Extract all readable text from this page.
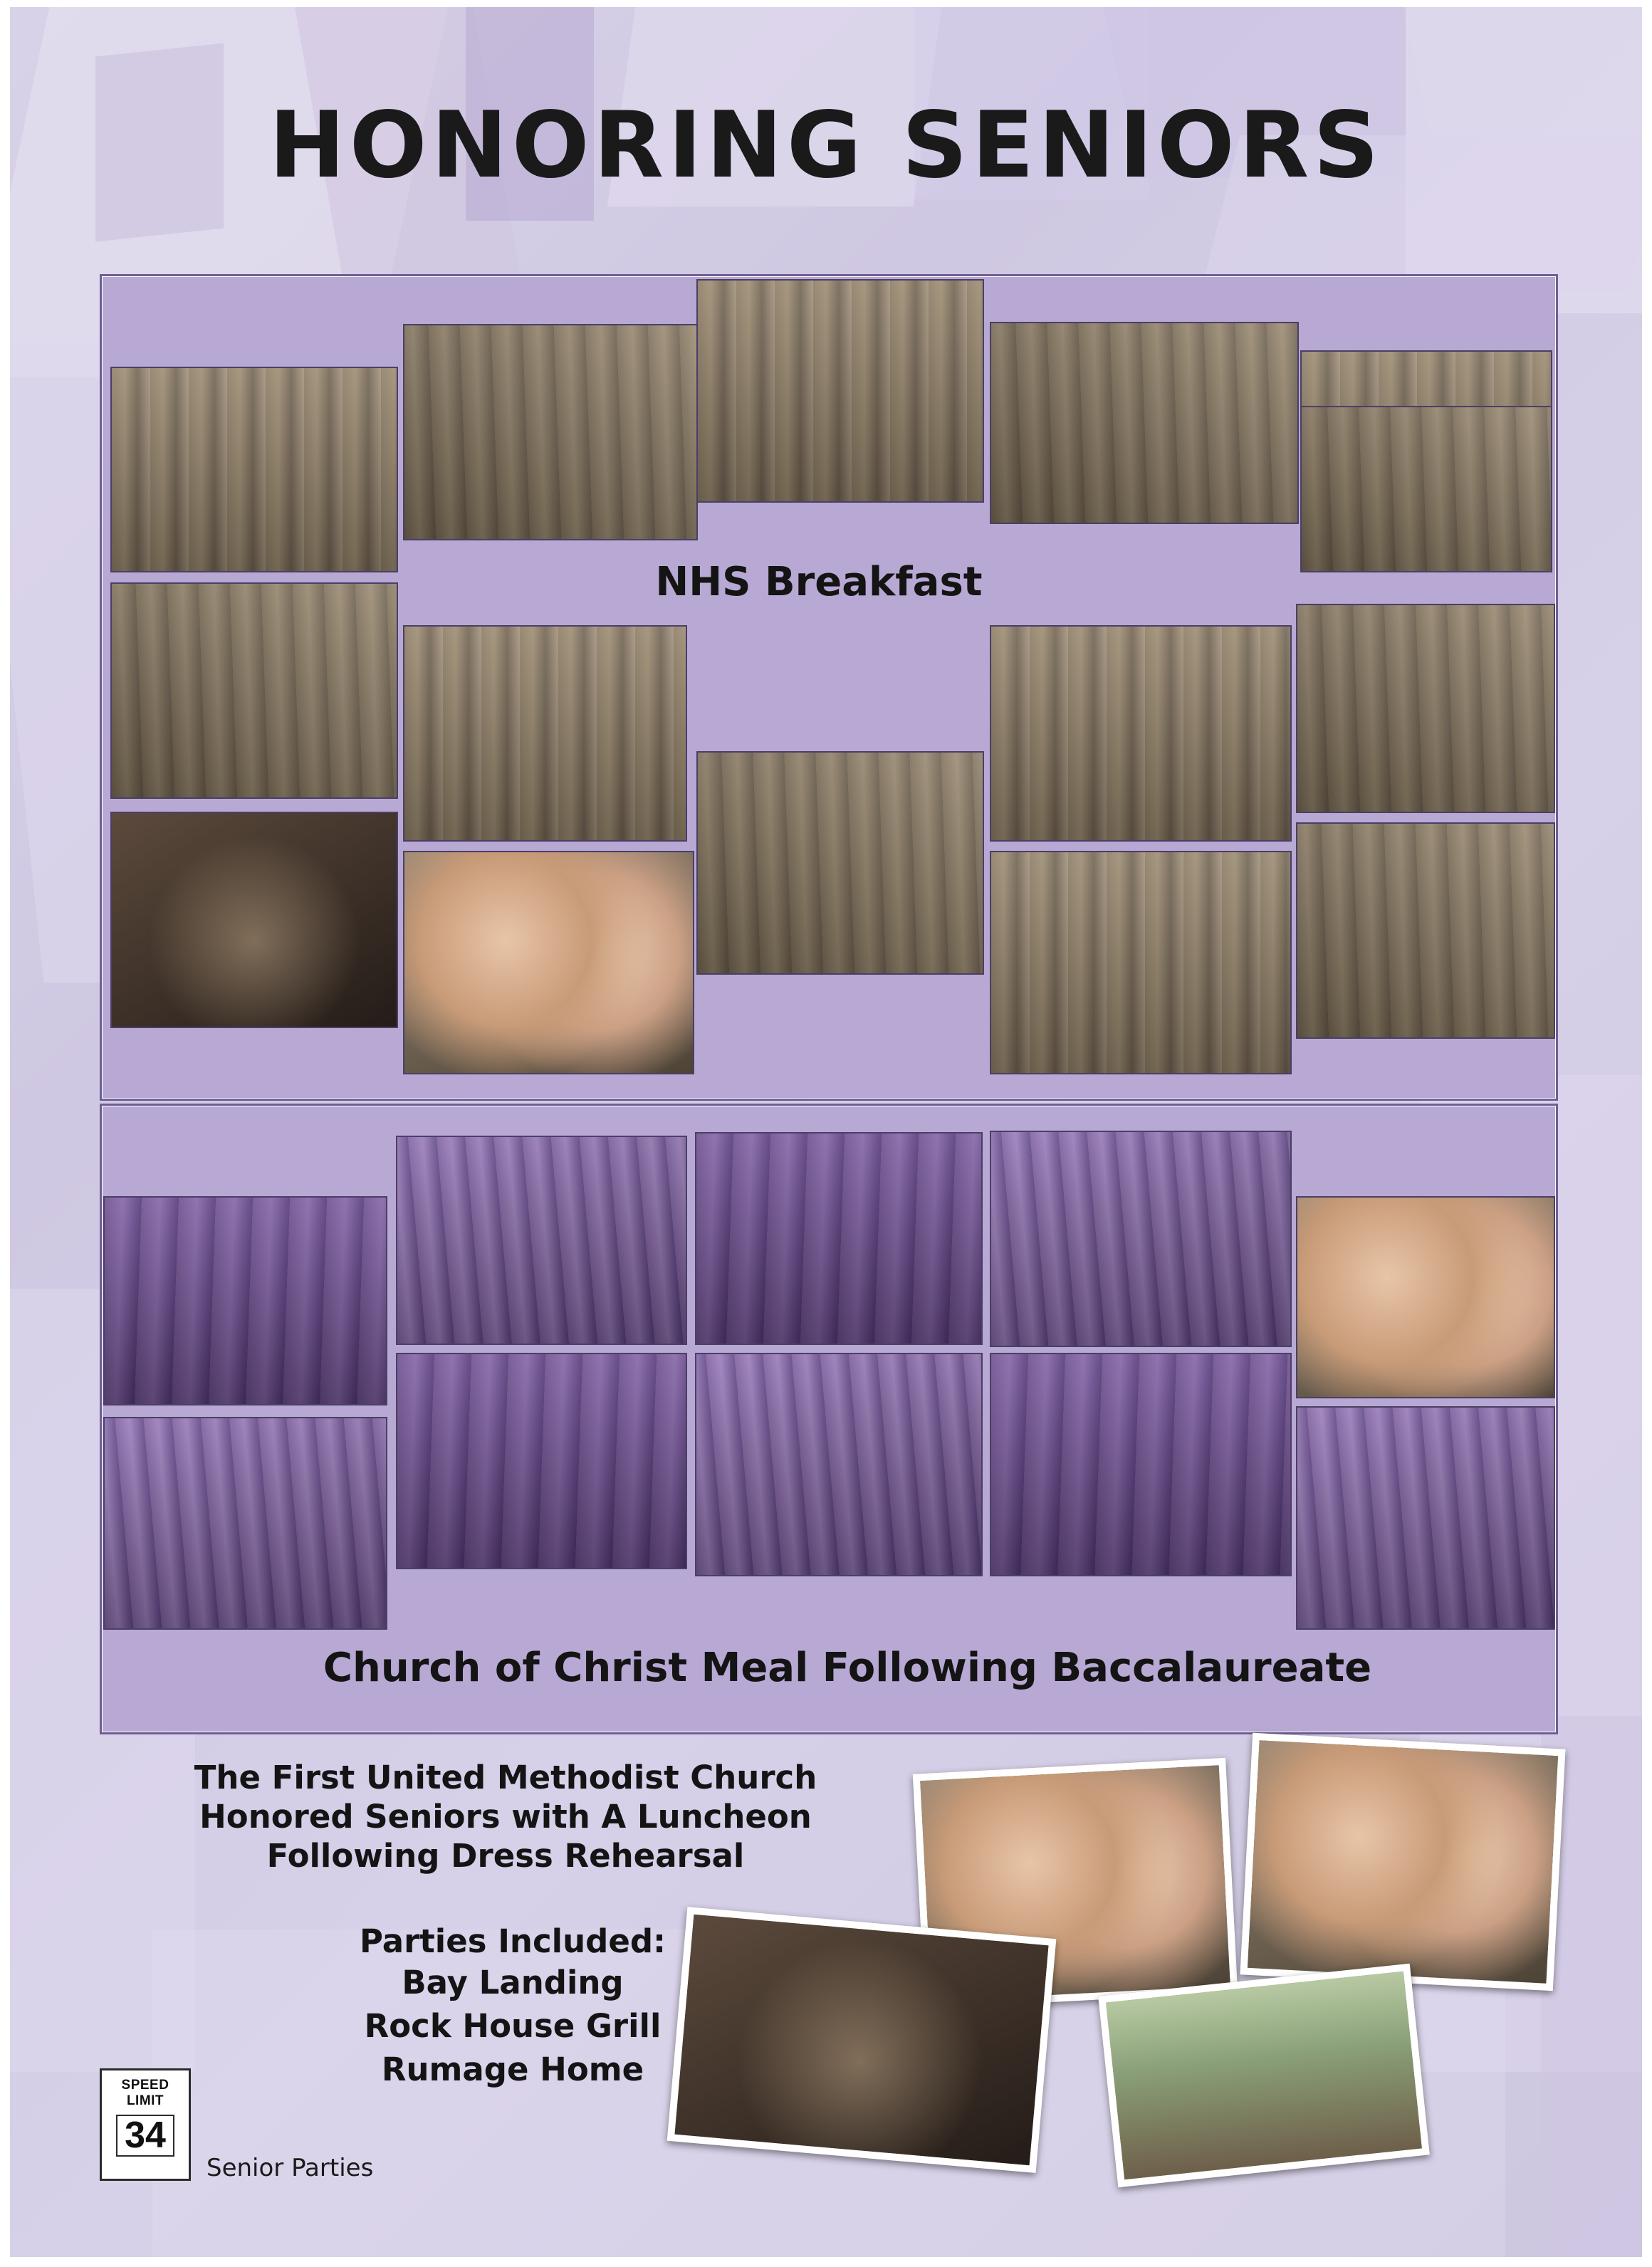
HONORING SENIORS
NHS Breakfast
Church of Christ Meal Following Baccalaureate
The First United Methodist Church Honored Seniors with A Luncheon Following Dress Rehearsal
Parties Included:
Bay Landing
Rock House Grill
Rumage Home
SPEED
LIMIT
34
Senior Parties
